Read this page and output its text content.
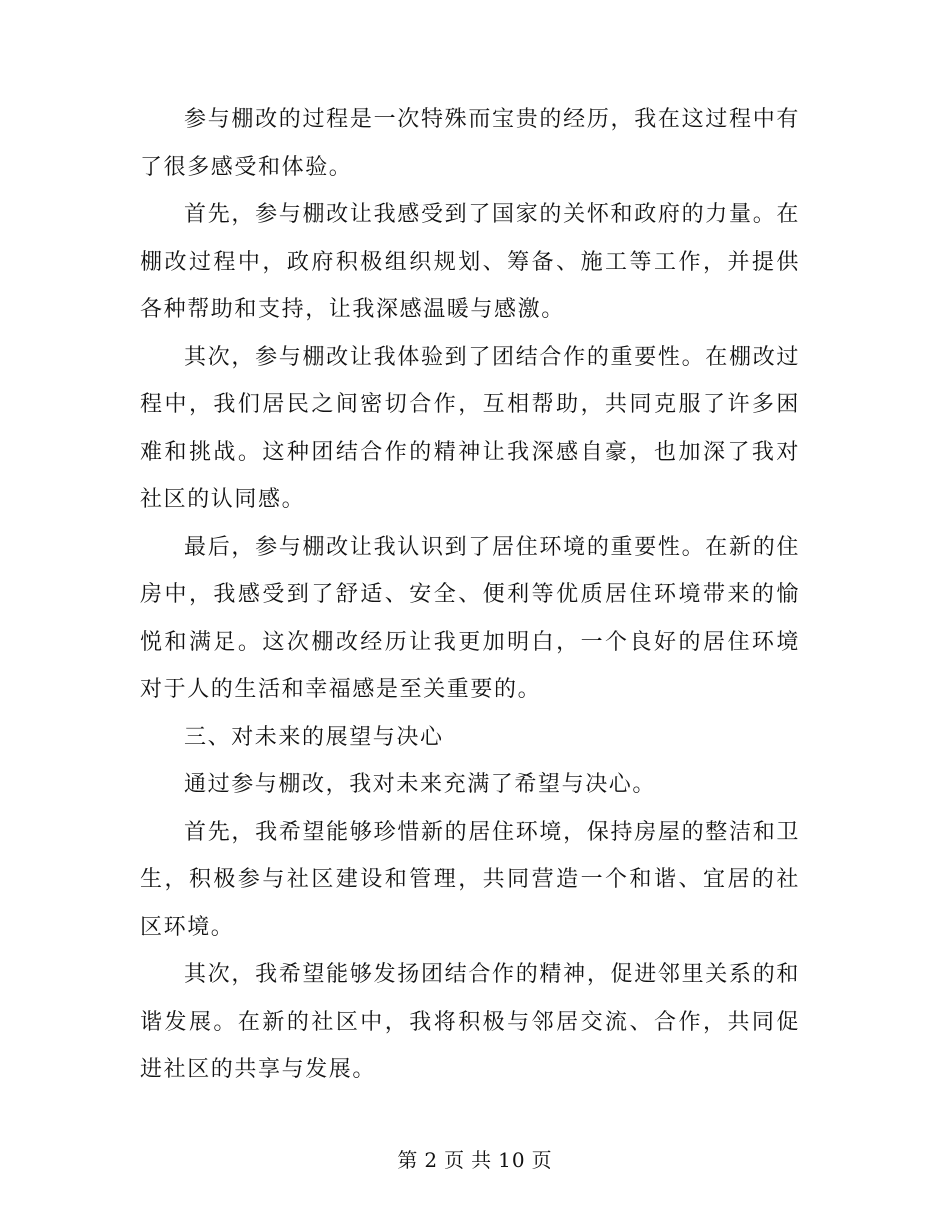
参与棚改的过程是一次特殊而宝贵的经历，我在这过程中有了很多感受和体验。

首先，参与棚改让我感受到了国家的关怀和政府的力量。在棚改过程中，政府积极组织规划、筹备、施工等工作，并提供各种帮助和支持，让我深感温暖与感激。

其次，参与棚改让我体验到了团结合作的重要性。在棚改过程中，我们居民之间密切合作，互相帮助，共同克服了许多困难和挑战。这种团结合作的精神让我深感自豪，也加深了我对社区的认同感。

最后，参与棚改让我认识到了居住环境的重要性。在新的住房中，我感受到了舒适、安全、便利等优质居住环境带来的愉悦和满足。这次棚改经历让我更加明白，一个良好的居住环境对于人的生活和幸福感是至关重要的。

三、对未来的展望与决心

通过参与棚改，我对未来充满了希望与决心。

首先，我希望能够珍惜新的居住环境，保持房屋的整洁和卫生，积极参与社区建设和管理，共同营造一个和谐、宜居的社区环境。

其次，我希望能够发扬团结合作的精神，促进邻里关系的和谐发展。在新的社区中，我将积极与邻居交流、合作，共同促进社区的共享与发展。

第 2 页 共 10 页
